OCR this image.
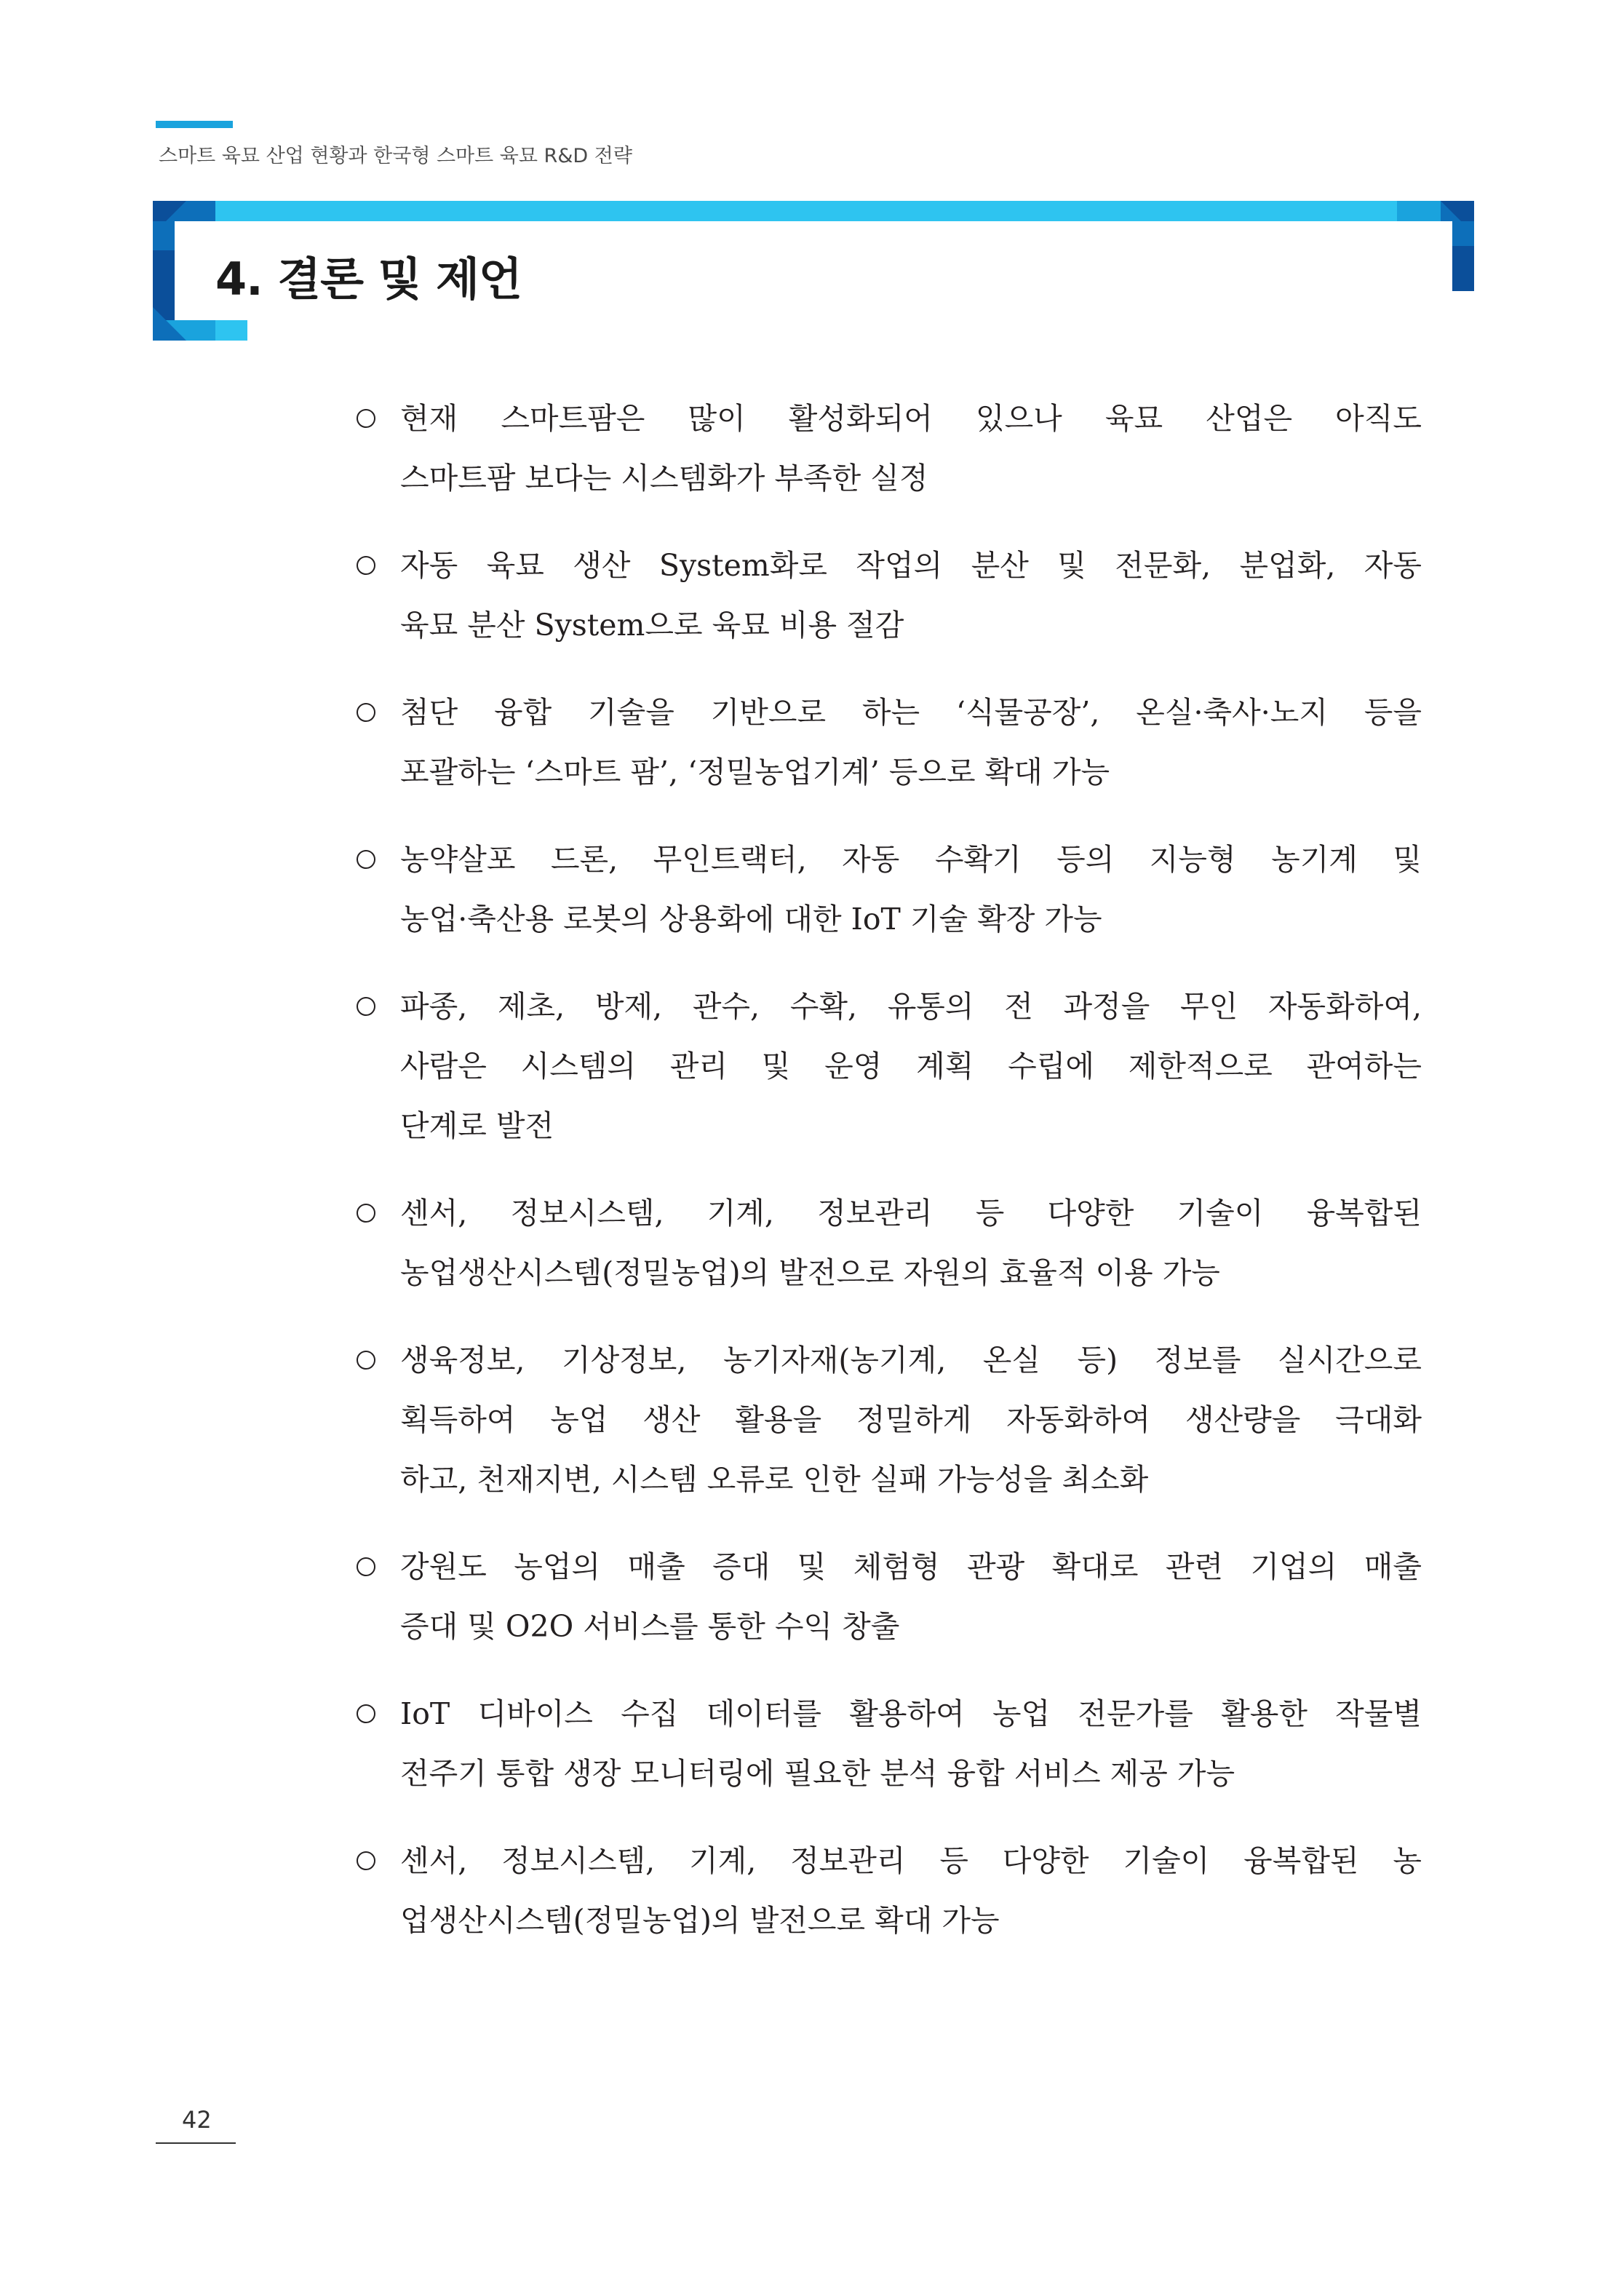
스마트 육묘 산업 현황과 한국형 스마트 육묘 R&D 전략
4. 결론 및 제언
현재 스마트팜은 많이 활성화되어 있으나 육묘 산업은 아직도
스마트팜 보다는 시스템화가 부족한 실정
자동 육묘 생산 System화로 작업의 분산 및 전문화, 분업화, 자동
육묘 분산 System으로 육묘 비용 절감
첨단 융합 기술을 기반으로 하는 ‘식물공장’, 온실·축사·노지 등을
포괄하는 ‘스마트 팜’, ‘정밀농업기계’ 등으로 확대 가능
농약살포 드론, 무인트랙터, 자동 수확기 등의 지능형 농기계 및
농업·축산용 로봇의 상용화에 대한 IoT 기술 확장 가능
파종, 제초, 방제, 관수, 수확, 유통의 전 과정을 무인 자동화하여,
사람은 시스템의 관리 및 운영 계획 수립에 제한적으로 관여하는
단계로 발전
센서, 정보시스템, 기계, 정보관리 등 다양한 기술이 융복합된
농업생산시스템(정밀농업)의 발전으로 자원의 효율적 이용 가능
생육정보, 기상정보, 농기자재(농기계, 온실 등) 정보를 실시간으로
획득하여 농업 생산 활용을 정밀하게 자동화하여 생산량을 극대화
하고, 천재지변, 시스템 오류로 인한 실패 가능성을 최소화
강원도 농업의 매출 증대 및 체험형 관광 확대로 관련 기업의 매출
증대 및 O2O 서비스를 통한 수익 창출
IoT 디바이스 수집 데이터를 활용하여 농업 전문가를 활용한 작물별
전주기 통합 생장 모니터링에 필요한 분석 융합 서비스 제공 가능
센서, 정보시스템, 기계, 정보관리 등 다양한 기술이 융복합된 농
업생산시스템(정밀농업)의 발전으로 확대 가능
42
